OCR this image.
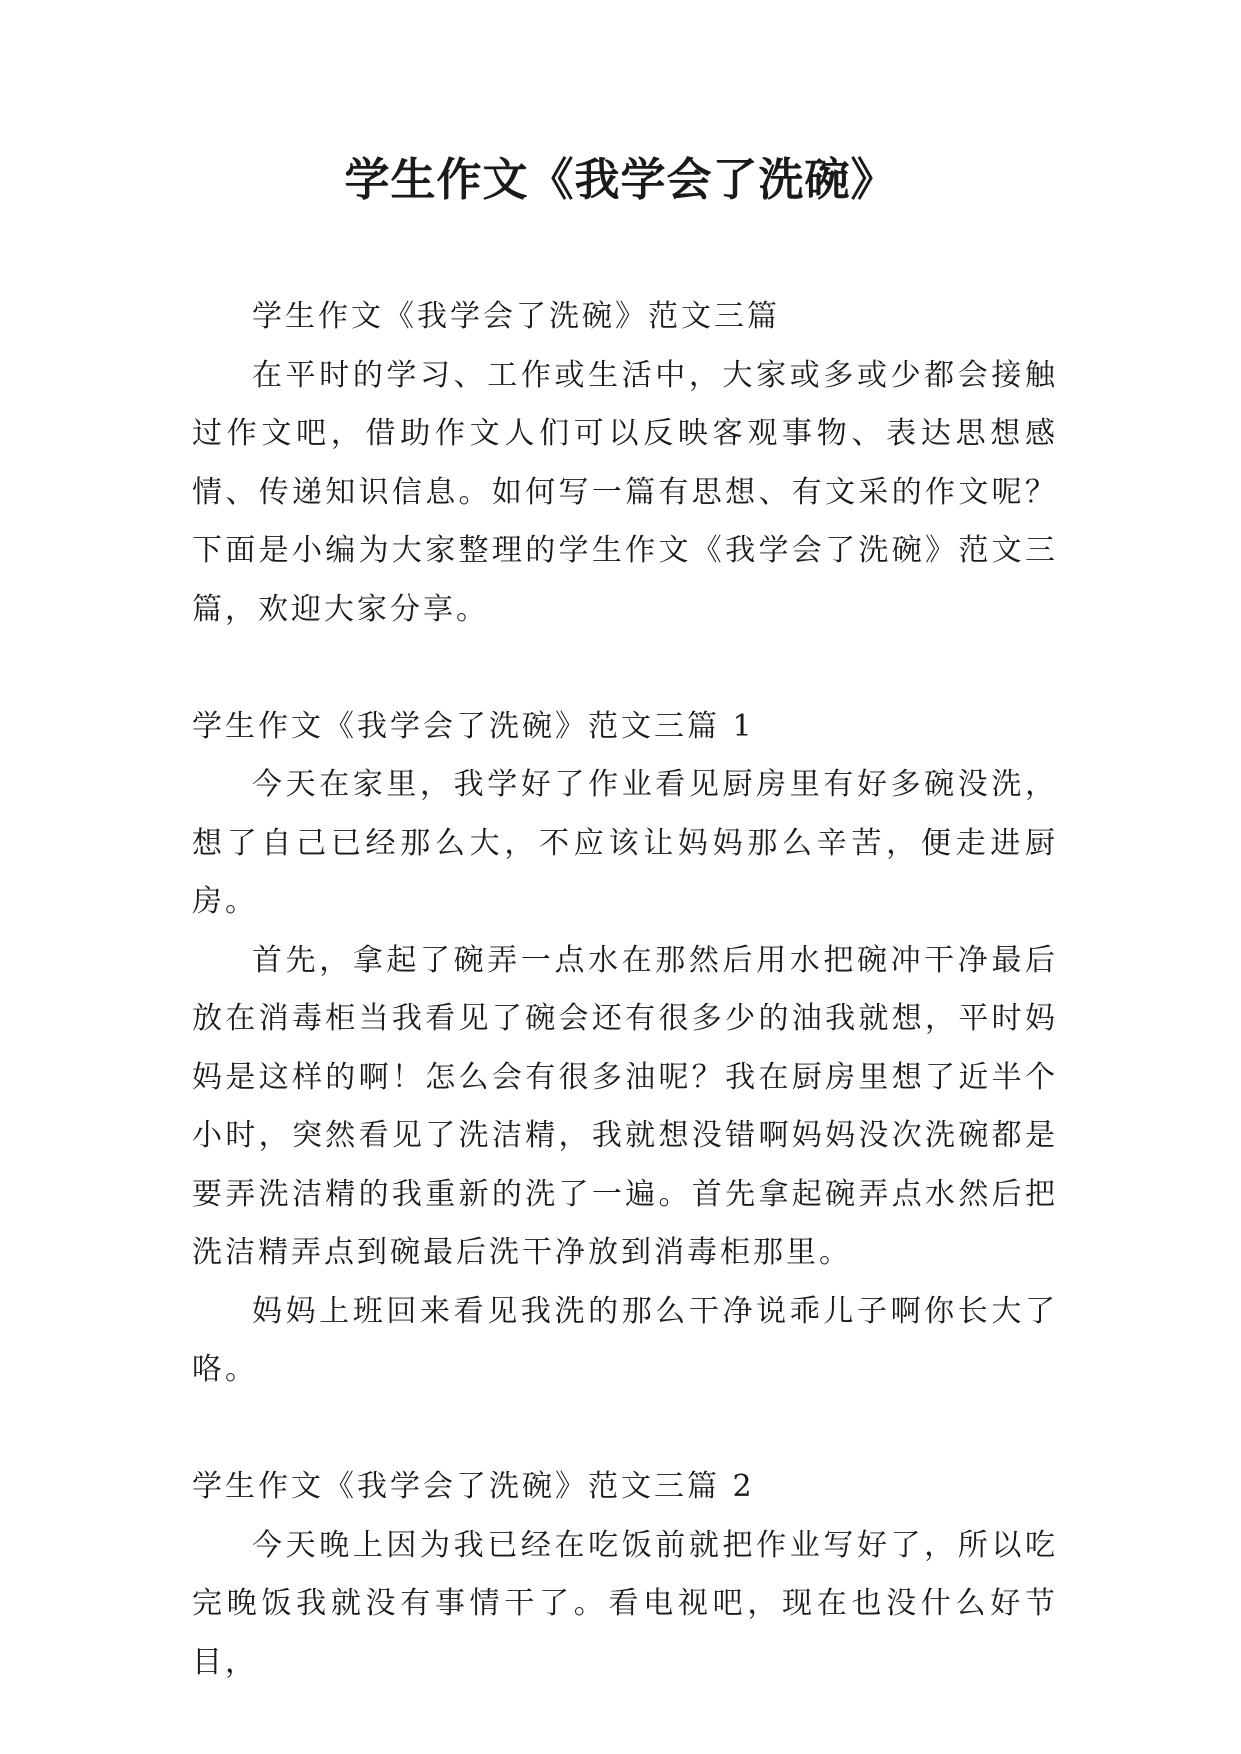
学生作文《我学会了洗碗》

学生作文《我学会了洗碗》范文三篇

在平时的学习、工作或生活中，大家或多或少都会接触过作文吧，借助作文人们可以反映客观事物、表达思想感情、传递知识信息。如何写一篇有思想、有文采的作文呢？下面是小编为大家整理的学生作文《我学会了洗碗》范文三篇，欢迎大家分享。

学生作文《我学会了洗碗》范文三篇 1

今天在家里，我学好了作业看见厨房里有好多碗没洗，想了自己已经那么大，不应该让妈妈那么辛苦，便走进厨房。

首先，拿起了碗弄一点水在那然后用水把碗冲干净最后放在消毒柜当我看见了碗会还有很多少的油我就想，平时妈妈是这样的啊！怎么会有很多油呢？我在厨房里想了近半个小时，突然看见了洗洁精，我就想没错啊妈妈没次洗碗都是要弄洗洁精的我重新的洗了一遍。首先拿起碗弄点水然后把洗洁精弄点到碗最后洗干净放到消毒柜那里。

妈妈上班回来看见我洗的那么干净说乖儿子啊你长大了咯。

学生作文《我学会了洗碗》范文三篇 2

今天晚上因为我已经在吃饭前就把作业写好了，所以吃完晚饭我就没有事情干了。看电视吧，现在也没什么好节目，
